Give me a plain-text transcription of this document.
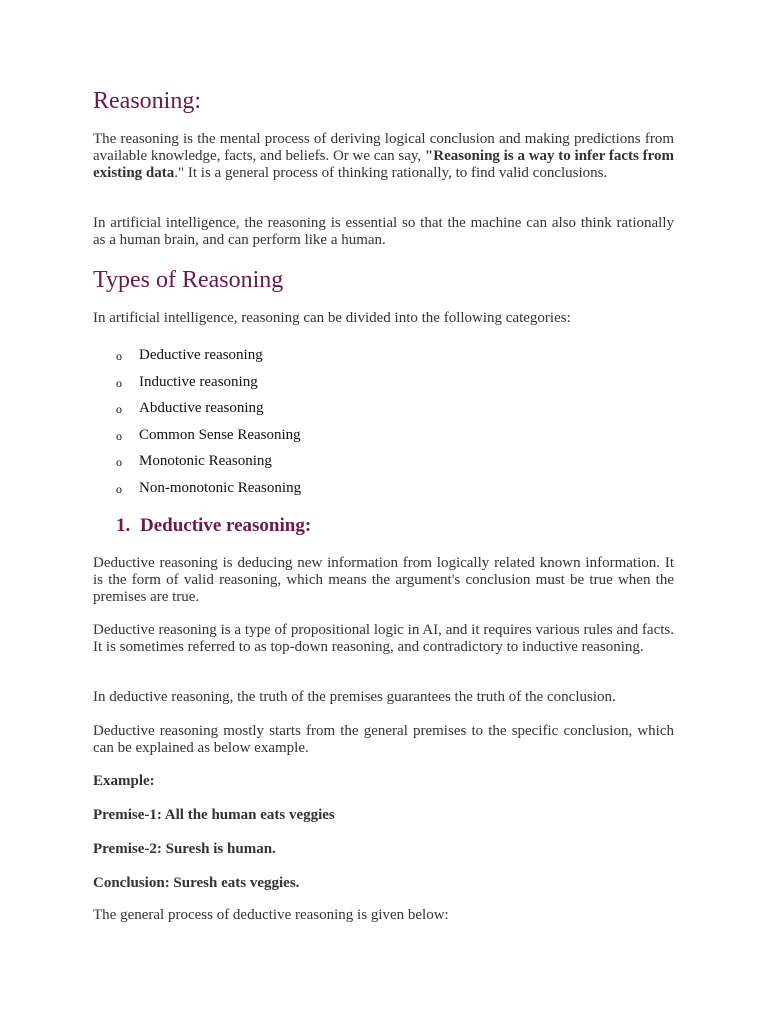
Reasoning:

The reasoning is the mental process of deriving logical conclusion and making predictions from available knowledge, facts, and beliefs. Or we can say, "Reasoning is a way to infer facts from existing data." It is a general process of thinking rationally, to find valid conclusions.

In artificial intelligence, the reasoning is essential so that the machine can also think rationally as a human brain, and can perform like a human.

Types of Reasoning

In artificial intelligence, reasoning can be divided into the following categories:

o Deductive reasoning
o Inductive reasoning
o Abductive reasoning
o Common Sense Reasoning
o Monotonic Reasoning
o Non-monotonic Reasoning
1. Deductive reasoning:

Deductive reasoning is deducing new information from logically related known information. It is the form of valid reasoning, which means the argument's conclusion must be true when the premises are true.

Deductive reasoning is a type of propositional logic in AI, and it requires various rules and facts. It is sometimes referred to as top-down reasoning, and contradictory to inductive reasoning.

In deductive reasoning, the truth of the premises guarantees the truth of the conclusion.

Deductive reasoning mostly starts from the general premises to the specific conclusion, which can be explained as below example.

Example:

Premise-1: All the human eats veggies

Premise-2: Suresh is human.

Conclusion: Suresh eats veggies.

The general process of deductive reasoning is given below:
